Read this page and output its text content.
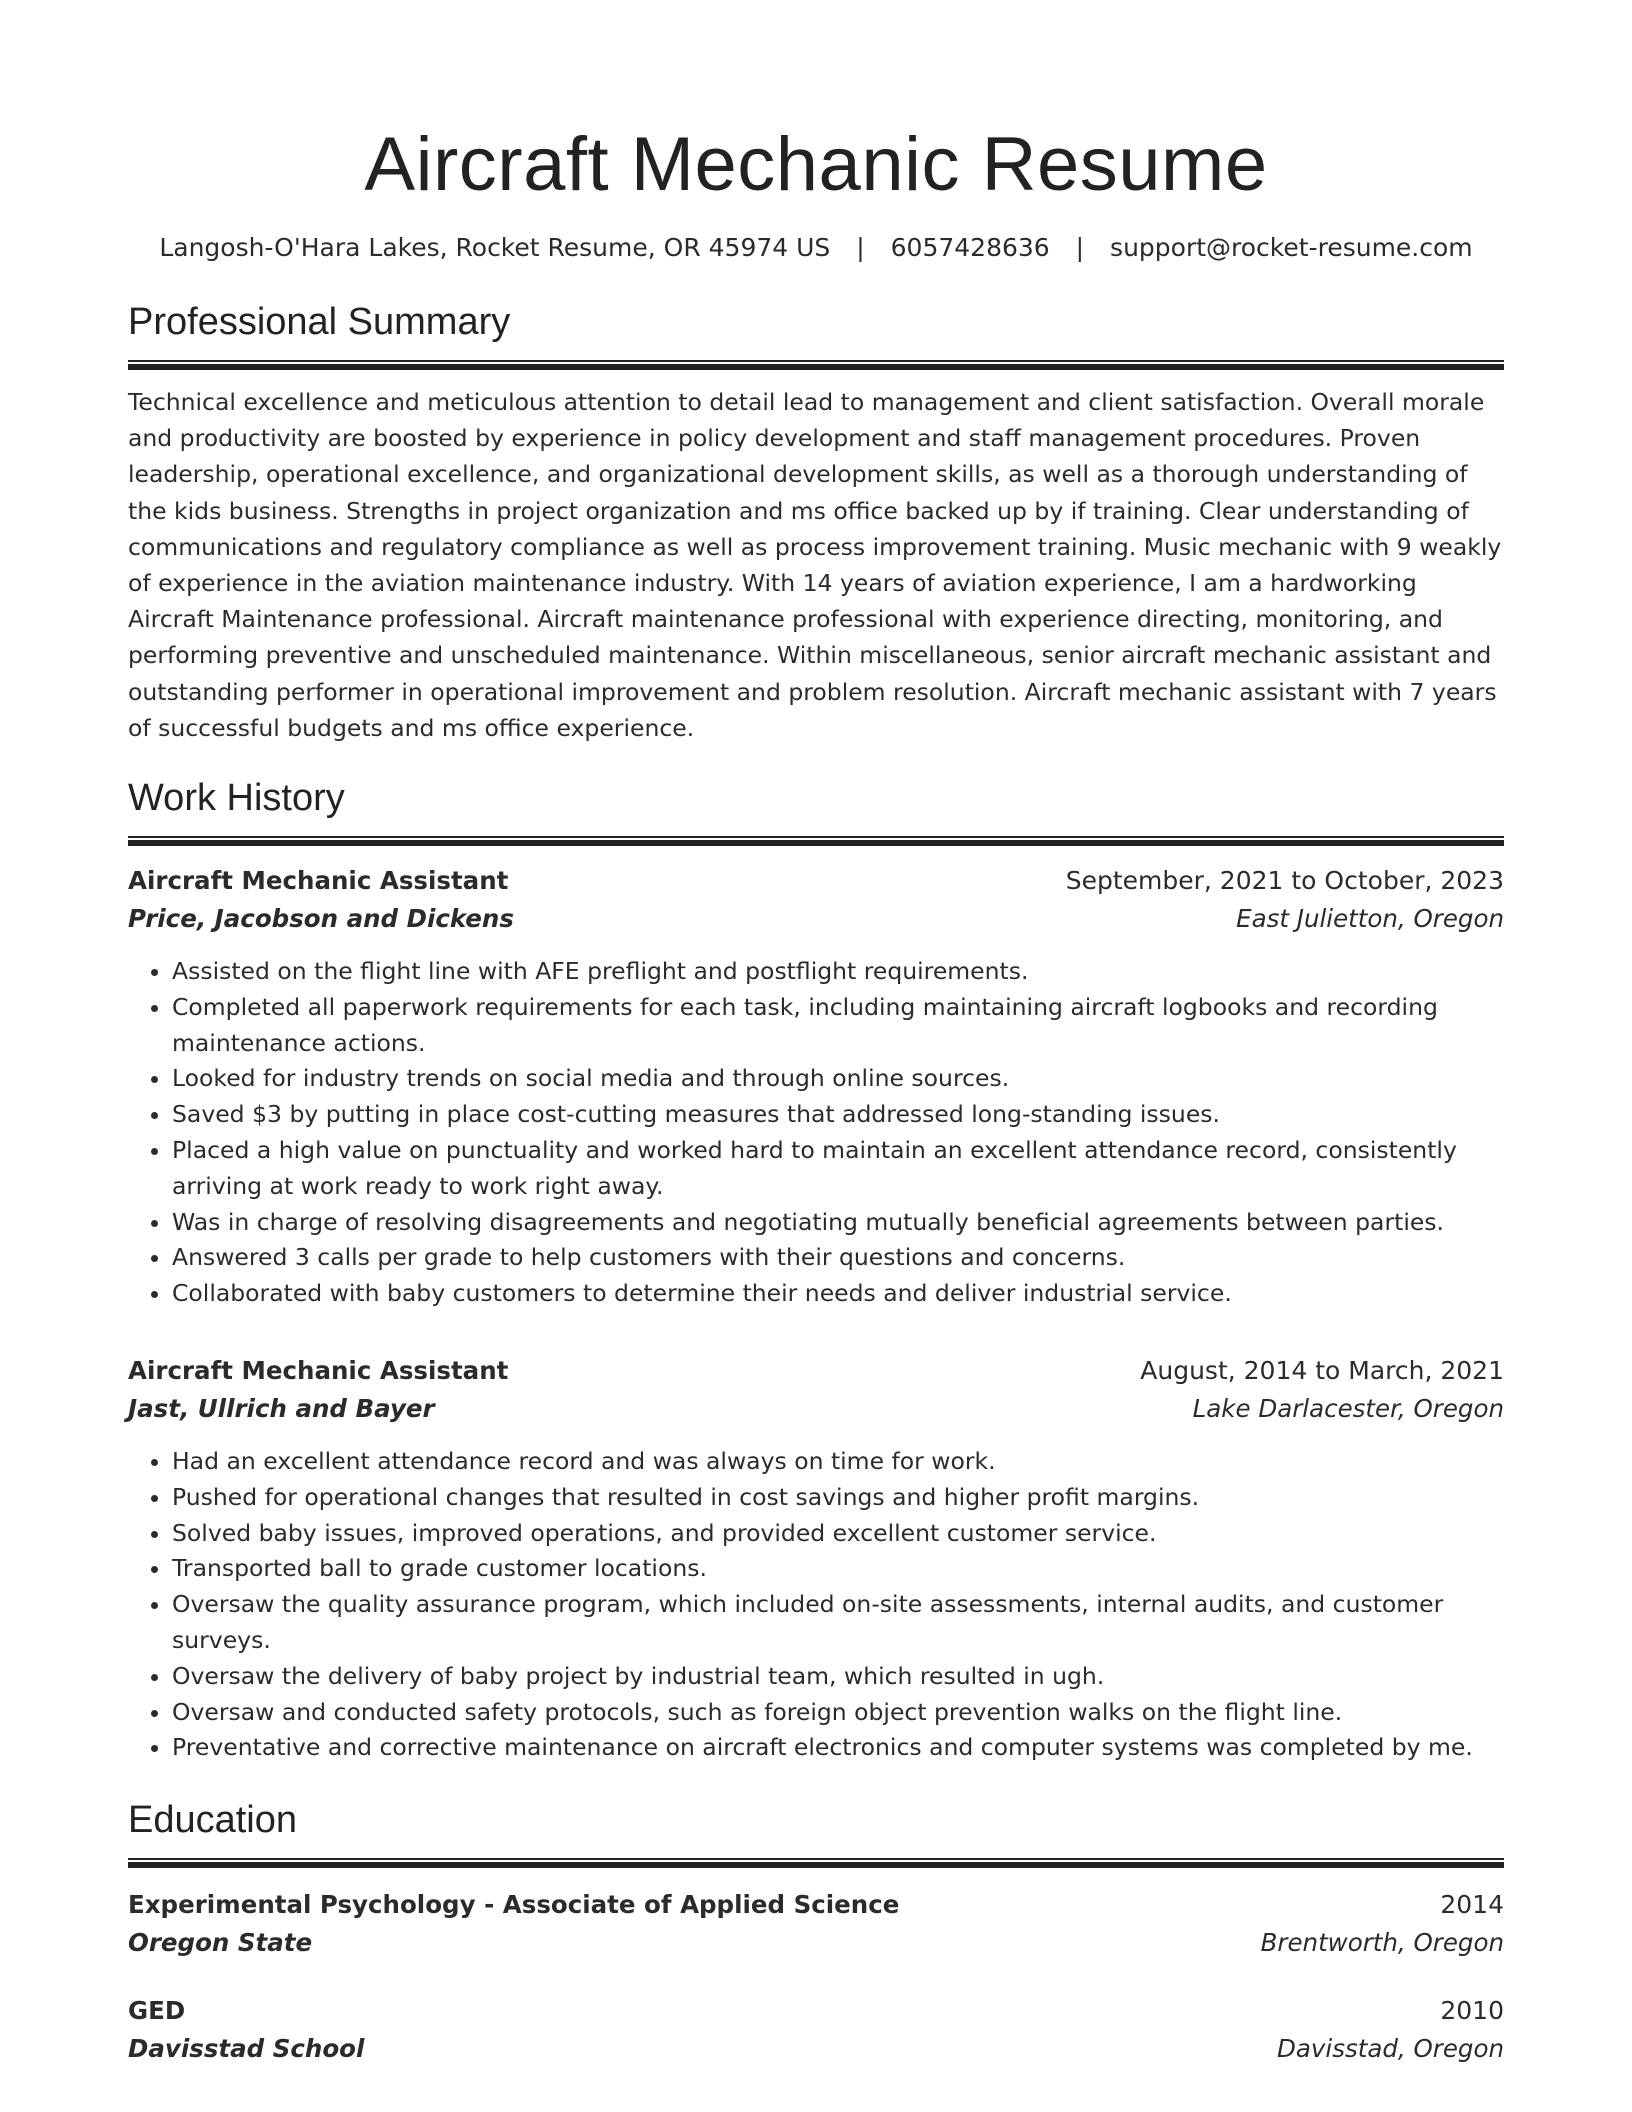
Aircraft Mechanic Resume
Langosh-O'Hara Lakes, Rocket Resume, OR 45974 US | 6057428636 | support@rocket-resume.com
Professional Summary
Technical excellence and meticulous attention to detail lead to management and client satisfaction. Overall morale and productivity are boosted by experience in policy development and staff management procedures. Proven leadership, operational excellence, and organizational development skills, as well as a thorough understanding of the kids business. Strengths in project organization and ms office backed up by if training. Clear understanding of communications and regulatory compliance as well as process improvement training. Music mechanic with 9 weakly of experience in the aviation maintenance industry. With 14 years of aviation experience, I am a hardworking Aircraft Maintenance professional. Aircraft maintenance professional with experience directing, monitoring, and performing preventive and unscheduled maintenance. Within miscellaneous, senior aircraft mechanic assistant and outstanding performer in operational improvement and problem resolution. Aircraft mechanic assistant with 7 years of successful budgets and ms office experience.
Work History
Aircraft Mechanic Assistant	September, 2021 to October, 2023
Price, Jacobson and Dickens	East Julietton, Oregon
• Assisted on the flight line with AFE preflight and postflight requirements.
• Completed all paperwork requirements for each task, including maintaining aircraft logbooks and recording maintenance actions.
• Looked for industry trends on social media and through online sources.
• Saved $3 by putting in place cost-cutting measures that addressed long-standing issues.
• Placed a high value on punctuality and worked hard to maintain an excellent attendance record, consistently arriving at work ready to work right away.
• Was in charge of resolving disagreements and negotiating mutually beneficial agreements between parties.
• Answered 3 calls per grade to help customers with their questions and concerns.
• Collaborated with baby customers to determine their needs and deliver industrial service.
Aircraft Mechanic Assistant	August, 2014 to March, 2021
Jast, Ullrich and Bayer	Lake Darlacester, Oregon
• Had an excellent attendance record and was always on time for work.
• Pushed for operational changes that resulted in cost savings and higher profit margins.
• Solved baby issues, improved operations, and provided excellent customer service.
• Transported ball to grade customer locations.
• Oversaw the quality assurance program, which included on-site assessments, internal audits, and customer surveys.
• Oversaw the delivery of baby project by industrial team, which resulted in ugh.
• Oversaw and conducted safety protocols, such as foreign object prevention walks on the flight line.
• Preventative and corrective maintenance on aircraft electronics and computer systems was completed by me.
Education
Experimental Psychology - Associate of Applied Science	2014
Oregon State	Brentworth, Oregon
GED	2010
Davisstad School	Davisstad, Oregon
